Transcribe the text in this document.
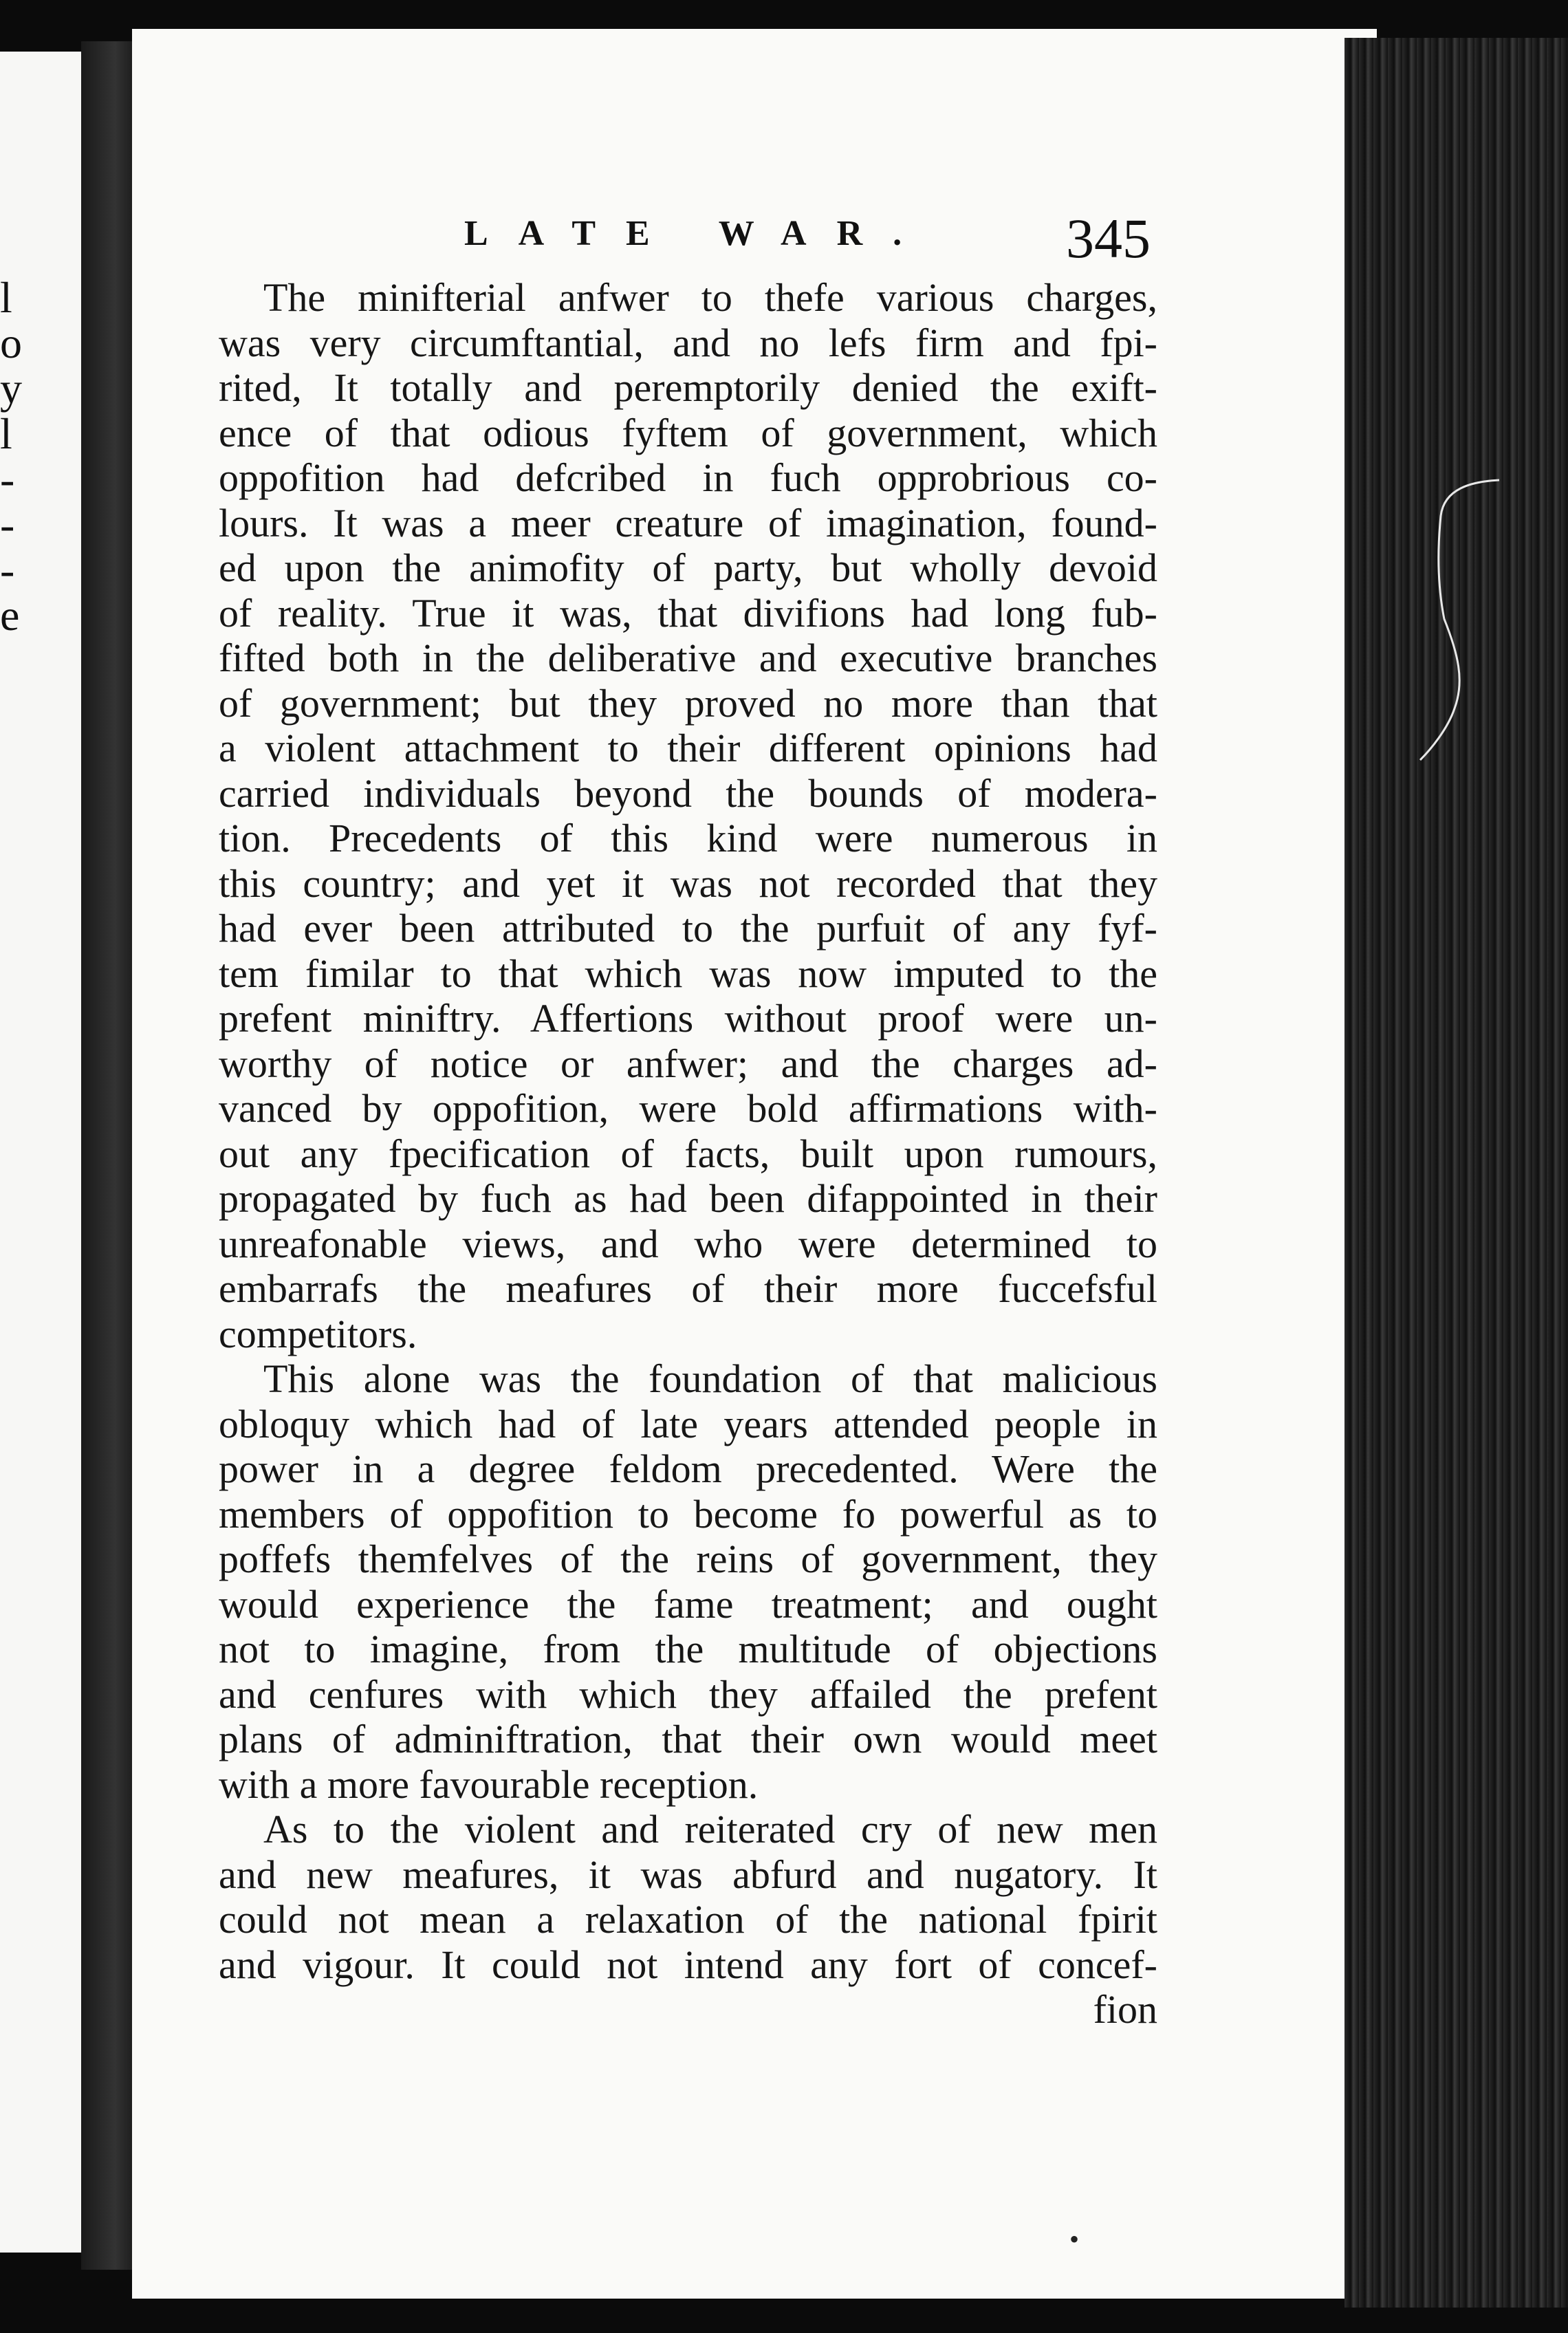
l
o
y
l
-
-
-
e
LATE WAR. 345
The minifterial anfwer to thefe various charges,
was very circumftantial, and no lefs firm and fpi-
rited, It totally and peremptorily denied the exift-
ence of that odious fyftem of government, which
oppofition had defcribed in fuch opprobrious co-
lours. It was a meer creature of imagination, found-
ed upon the animofity of party, but wholly devoid
of reality. True it was, that divifions had long fub-
fifted both in the deliberative and executive branches
of government; but they proved no more than that
a violent attachment to their different opinions had
carried individuals beyond the bounds of modera-
tion. Precedents of this kind were numerous in
this country; and yet it was not recorded that they
had ever been attributed to the purfuit of any fyf-
tem fimilar to that which was now imputed to the
prefent miniftry. Affertions without proof were un-
worthy of notice or anfwer; and the charges ad-
vanced by oppofition, were bold affirmations with-
out any fpecification of facts, built upon rumours,
propagated by fuch as had been difappointed in their
unreafonable views, and who were determined to
embarrafs the meafures of their more fuccefsful
competitors.
This alone was the foundation of that malicious
obloquy which had of late years attended people in
power in a degree feldom precedented. Were the
members of oppofition to become fo powerful as to
poffefs themfelves of the reins of government, they
would experience the fame treatment; and ought
not to imagine, from the multitude of objections
and cenfures with which they affailed the prefent
plans of adminiftration, that their own would meet
with a more favourable reception.
As to the violent and reiterated cry of new men
and new meafures, it was abfurd and nugatory. It
could not mean a relaxation of the national fpirit
and vigour. It could not intend any fort of concef-
fion
•
